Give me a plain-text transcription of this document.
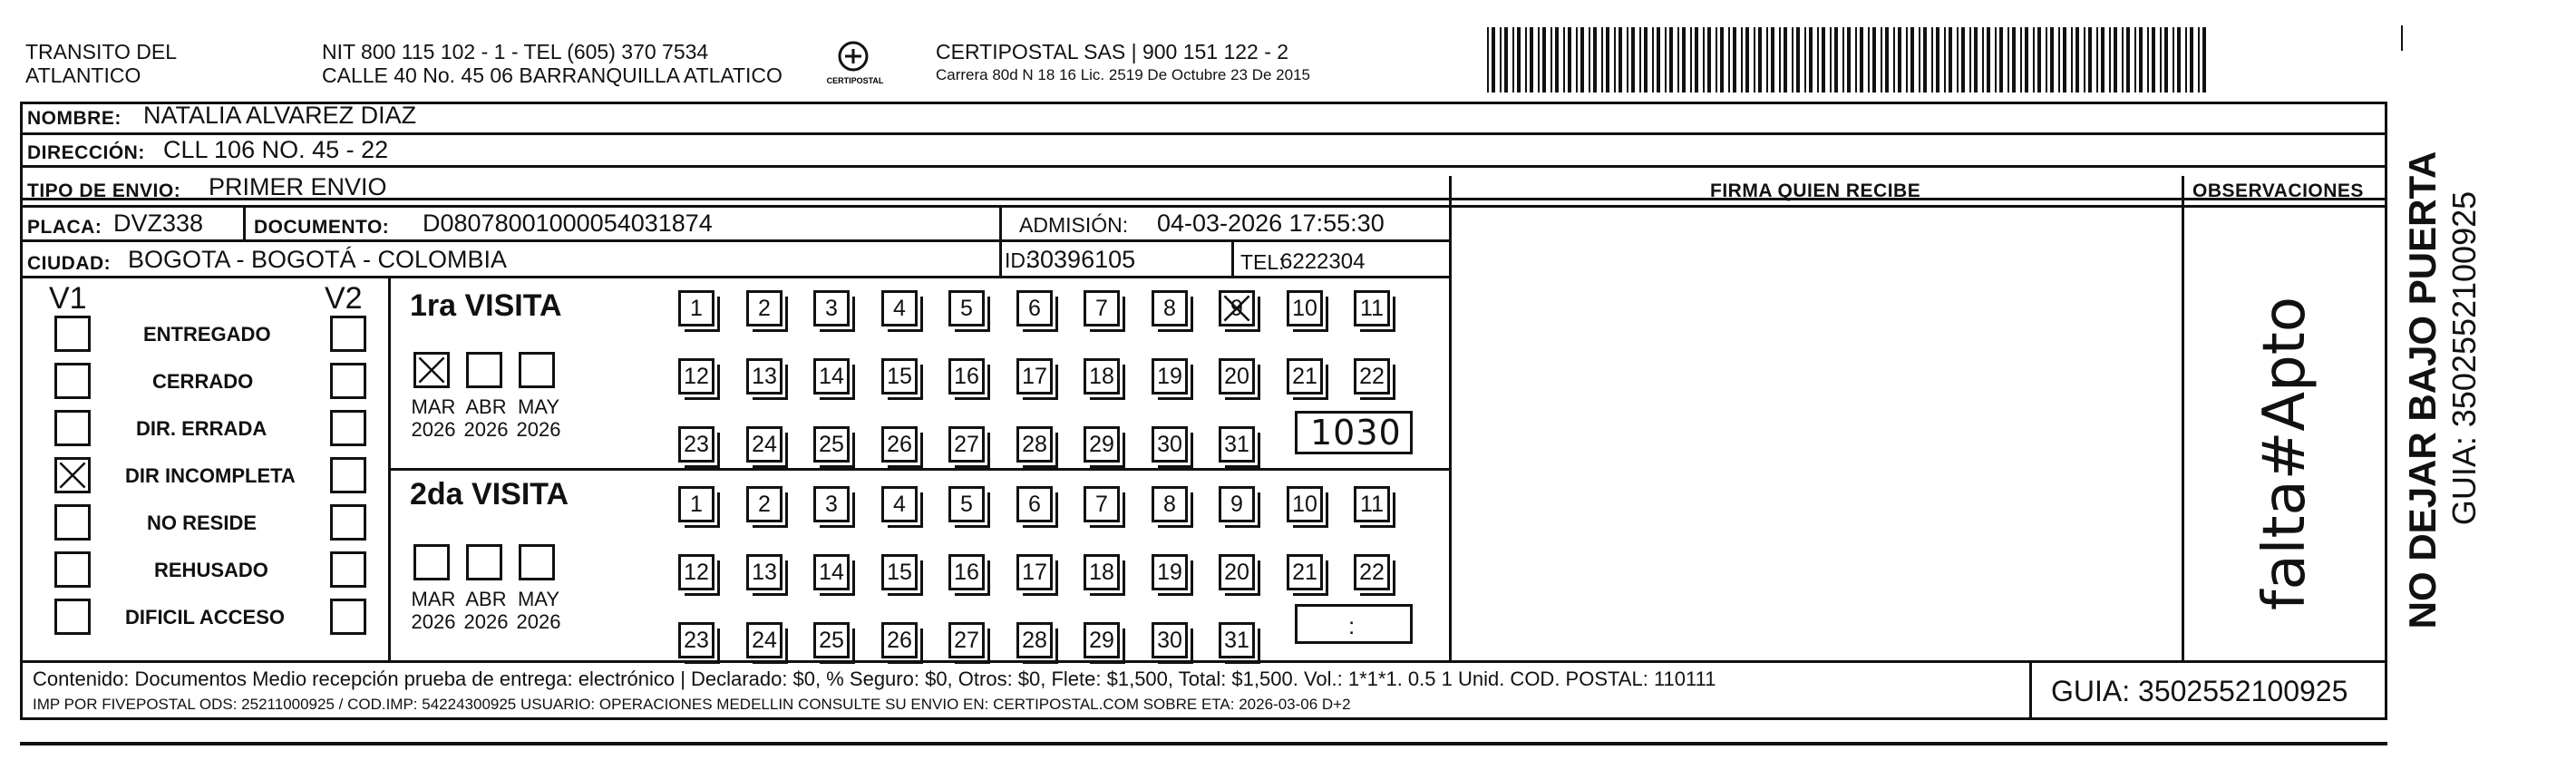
TRANSITO DEL
ATLANTICO
NIT 800 115 102 - 1 - TEL (605) 370 7534
CALLE 40 No. 45 06 BARRANQUILLA ATLATICO	CERTIPOSTAL
CERTIPOSTAL SAS | 900 151 122 - 2
Carrera 80d N 18 16 Lic. 2519 De Octubre 23 De 2015
NOMBRE: NATALIA ALVAREZ DIAZ
DIRECCIÓN: CLL 106 NO. 45 - 22
TIPO DE ENVIO: PRIMER ENVIO	FIRMA QUIEN RECIBE	OBSERVACIONES
PLACA: DVZ338	DOCUMENTO: D08078001000054031874	ADMISIÓN: 04-03-2026 17:55:30
CIUDAD: BOGOTA - BOGOTÁ - COLOMBIA	ID:
30396105	TEL:
6222304
V1	V2
ENTREGADO
CERRADO
DIR. ERRADA
DIR INCOMPLETA
NO RESIDE
REHUSADO
DIFICIL ACCESO
1ra VISITA
2da VISITA
MAR
2026
ABR
2026
MAY
2026
MAR
2026
ABR
2026
MAY
2026
1 2 3 4 5 6 7 8 9 10 11
12 13 14 15 16 17 18 19 20 21 22
23 24 25 26 27 28 29 30 31
1 2 3 4 5 6 7 8 9 10 11
12 13 14 15 16 17 18 19 20 21 22
23 24 25 26 27 28 29 30 31
1030
:
falta#Apto
Contenido: Documentos Medio recepción prueba de entrega: electrónico | Declarado: $0, % Seguro: $0, Otros: $0, Flete: $1,500, Total: $1,500. Vol.: 1*1*1. 0.5 1 Unid. COD. POSTAL: 110111
IMP POR FIVEPOSTAL ODS: 25211000925 / COD.IMP: 54224300925 USUARIO: OPERACIONES MEDELLIN CONSULTE SU ENVIO EN: CERTIPOSTAL.COM SOBRE ETA: 2026-03-06 D+2	GUIA: 3502552100925
NO DEJAR BAJO PUERTA GUIA: 3502552100925
